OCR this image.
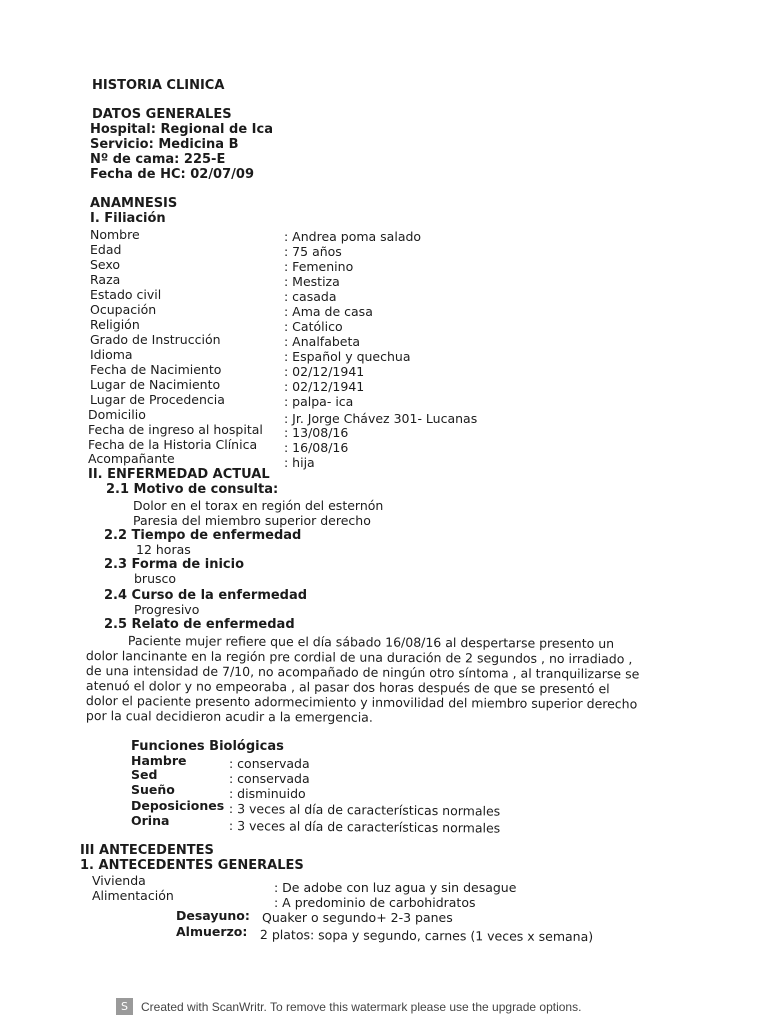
HISTORIA CLINICA
DATOS GENERALES
Hospital: Regional de Ica
Servicio: Medicina B
Nº de cama: 225-E
Fecha de HC: 02/07/09
ANAMNESIS
I. Filiación
Nombre	: Andrea poma salado
Edad	: 75 años
Sexo	: Femenino
Raza	: Mestiza
Estado civil	: casada
Ocupación	: Ama de casa
Religión	: Católico
Grado de Instrucción	: Analfabeta
Idioma	: Español y quechua
Fecha de Nacimiento	: 02/12/1941
Lugar de Nacimiento	: 02/12/1941
Lugar de Procedencia	: palpa- ica
Domicilio	: Jr. Jorge Chávez 301- Lucanas
Fecha de ingreso al hospital : 13/08/16
Fecha de la Historia Clínica : 16/08/16
Acompañante	: hija
II. ENFERMEDAD ACTUAL
2.1 Motivo de consulta:
Dolor en el torax en región del esternón
Paresia del miembro superior derecho
2.2 Tiempo de enfermedad
12 horas
2.3 Forma de inicio
brusco
2.4 Curso de la enfermedad
Progresivo
2.5 Relato de enfermedad
Paciente mujer refiere que el día sábado 16/08/16 al despertarse presento un
dolor lancinante en la región pre cordial de una duración de 2 segundos , no irradiado ,
de una intensidad de 7/10, no acompañado de ningún otro síntoma , al tranquilizarse se
atenuó el dolor y no empeoraba , al pasar dos horas después de que se presentó el
dolor el paciente presento adormecimiento y inmovilidad del miembro superior derecho
por la cual decidieron acudir a la emergencia.
Funciones Biológicas
Hambre	: conservada
Sed	: conservada
Sueño	: disminuido
Deposiciones : 3 veces al día de características normales
Orina	: 3 veces al día de características normales
III ANTECEDENTES
1. ANTECEDENTES GENERALES
Vivienda	: De adobe con luz agua y sin desague
Alimentación	: A predominio de carbohidratos
Desayuno: Quaker o segundo+ 2-3 panes
Almuerzo: 2 platos: sopa y segundo, carnes (1 veces x semana)
S	Created with ScanWritr. To remove this watermark please use the upgrade options.
